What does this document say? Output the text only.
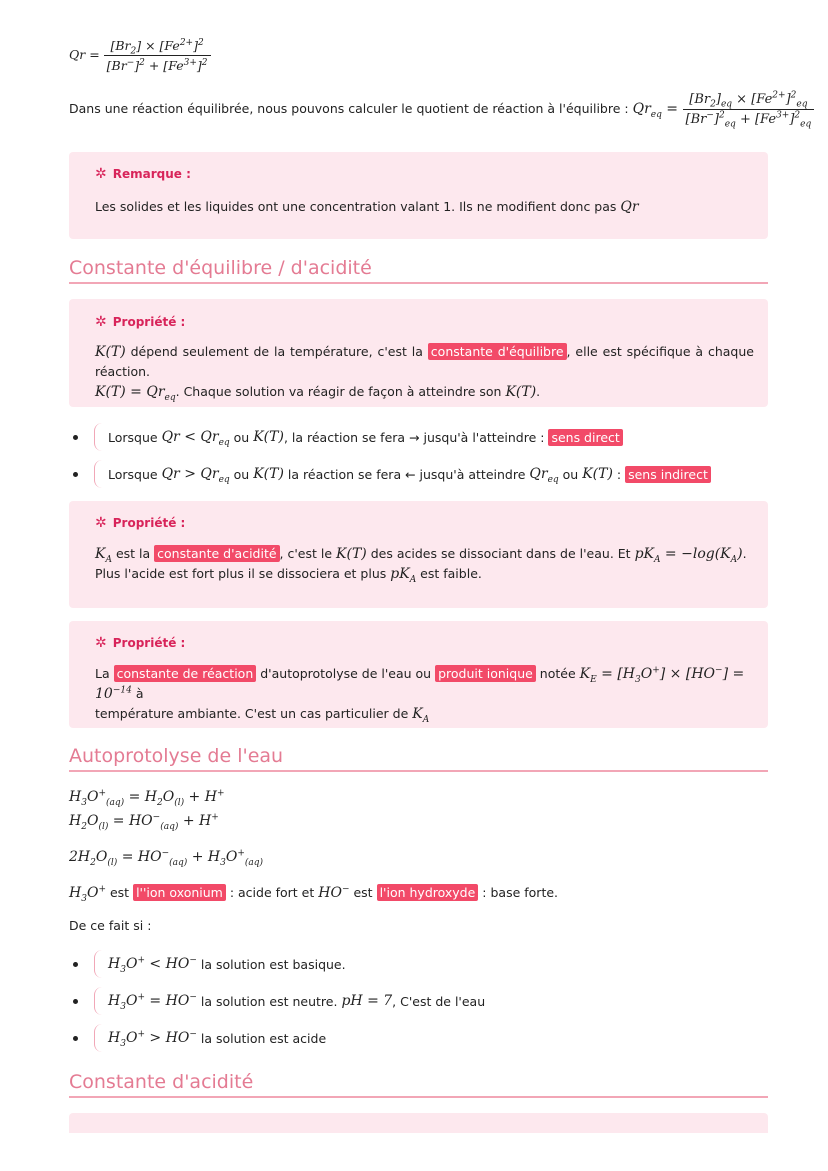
$Qr = \frac{[Br_2] \times [Fe^{2+}]^2}{[Br^-]^2 + [Fe^{3+}]^2}$
Dans une réaction équilibrée, nous pouvons calculer le quotient de réaction à l'équilibre : $Qr_{eq} = \frac{[Br_2]_{eq} \times [Fe^{2+}]^2_{eq}}{[Br^-]^2_{eq} + [Fe^{3+}]^2_{eq}}$
✲ Remarque :
Les solides et les liquides ont une concentration valant 1. Ils ne modifient donc pas Qr
Constante d'équilibre / d'acidité
✲ Propriété :
K(T) dépend seulement de la température, c'est la constante d'équilibre , elle est spécifique à chaque réaction.
$K(T) = Qr_{eq}$. Chaque solution va réagir de façon à atteindre son K(T).
Lorsque
$Qr < Qr_{eq}$
ou
K(T) , la réaction se fera → jusqu'à l'atteindre :
sens direct
Lorsque
$Qr > Qr_{eq}$
ou
K(T)
la réaction se fera ← jusqu'à atteindre
$Qr_{eq}$
ou
K(T) : sens indirect
✲ Propriété :
$K_A$ est la constante d'acidité , c'est le K(T) des acides se dissociant dans de l'eau. Et $pK_A = -\log(K_A)$.
Plus l'acide est fort plus il se dissociera et plus $pK_A$ est faible.
✲ Propriété :
La constante de réaction d'autoprotolyse de l'eau ou produit ionique notée $K_E = [H_3O^+] \times [HO^-] = 10^{-14}$ à
température ambiante. C'est un cas particulier de $K_A$
Autoprotolyse de l'eau
$H_3O^+_{(aq)} = H_2O_{(l)} + H^+$
$H_2O_{(l)} = HO^-_{(aq)} + H^+$
$2H_2O_{(l)} = HO^-_{(aq)} + H_3O^+_{(aq)}$
$H_3O^+$ est l''ion oxonium : acide fort et HO− est l'ion hydroxyde : base forte.
De ce fait si :
$H_3O^+ < HO^-$
la solution est basique.
$H_3O^+ = HO^-$
la solution est neutre.
pH = 7 , C'est de l'eau
$H_3O^+ > HO^-$
la solution est acide
Constante d'acidité
